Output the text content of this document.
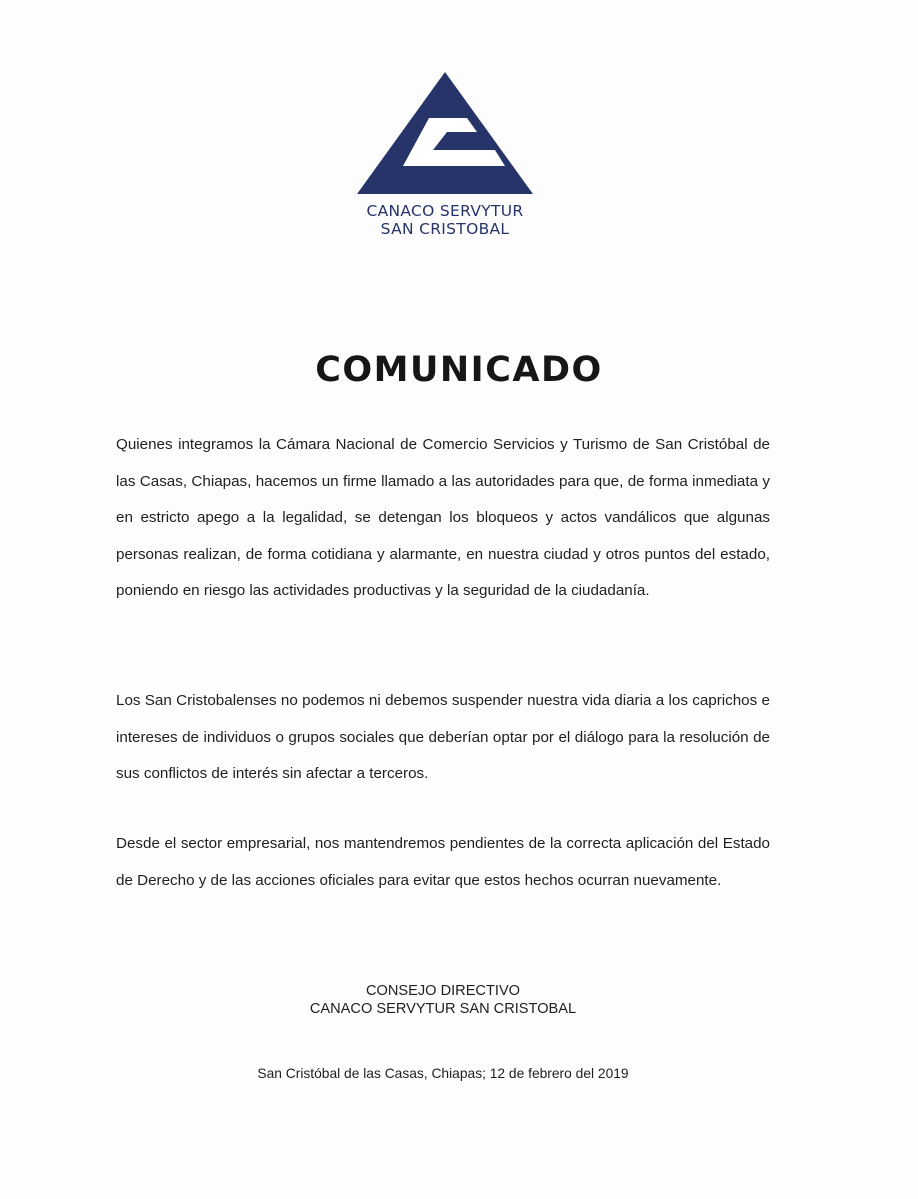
CANACO SERVYTUR
SAN CRISTOBAL
COMUNICADO
Quienes integramos la Cámara Nacional de Comercio Servicios y Turismo de San Cristóbal de las Casas, Chiapas, hacemos un firme llamado a las autoridades para que, de forma inmediata y en estricto apego a la legalidad, se detengan los bloqueos y actos vandálicos que algunas personas realizan, de forma cotidiana y alarmante, en nuestra ciudad y otros puntos del estado, poniendo en riesgo las actividades productivas y la seguridad de la ciudadanía.
Los San Cristobalenses no podemos ni debemos suspender nuestra vida diaria a los caprichos e intereses de individuos o grupos sociales que deberían optar por el diálogo para la resolución de sus conflictos de interés sin afectar a terceros.
Desde el sector empresarial, nos mantendremos pendientes de la correcta aplicación del Estado de Derecho y de las acciones oficiales para evitar que estos hechos ocurran nuevamente.
CONSEJO DIRECTIVO
CANACO SERVYTUR SAN CRISTOBAL
San Cristóbal de las Casas, Chiapas; 12 de febrero del 2019
